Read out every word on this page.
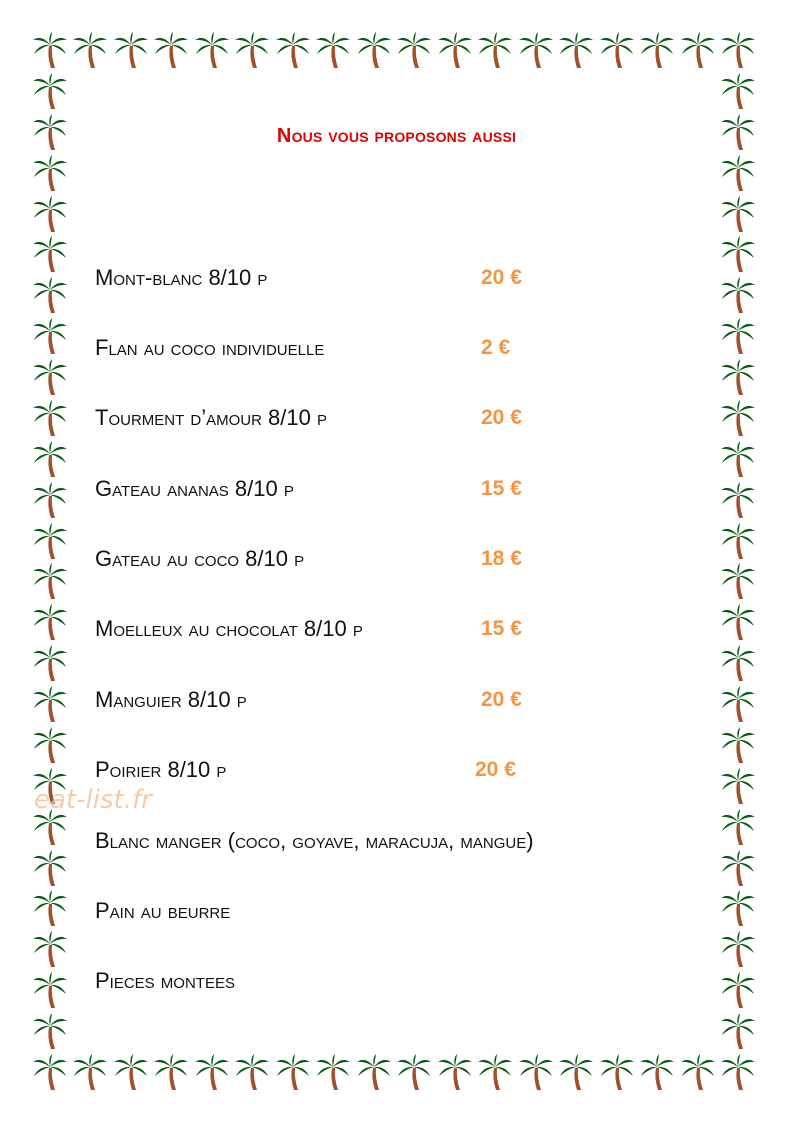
Nous vous proposons aussi
Mont-blanc 8/10 p	20 €
Flan au coco individuelle	2 €
Tourment d’amour 8/10 p	20 €
Gateau ananas 8/10 p	15 €
Gateau au coco 8/10 p	18 €
Moelleux au chocolat 8/10 p	15 €
Manguier 8/10 p	20 €
Poirier 8/10 p	20 €
Blanc manger (coco, goyave, maracuja, mangue)
Pain au beurre
Pieces montees
eat-list.fr
